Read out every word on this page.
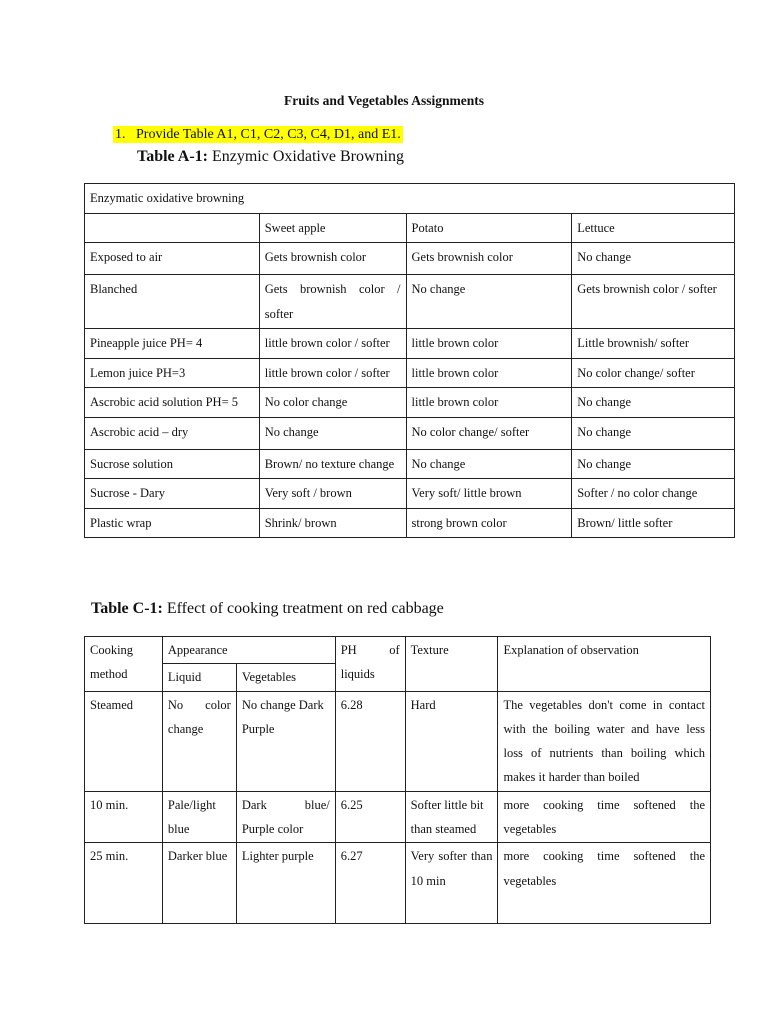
Fruits and Vegetables Assignments
1. Provide Table A1, C1, C2, C3, C4, D1, and E1.
Table A-1: Enzymic Oxidative Browning
Enzymatic oxidative browning			
	Sweet apple	Potato	Lettuce
Exposed to air	Gets brownish color	Gets brownish color	No change
Blanched	Gets brownish color / softer	No change	Gets brownish color / softer
Pineapple juice PH= 4	little brown color / softer	little brown color	Little brownish/ softer
Lemon juice PH=3	little brown color / softer	little brown color	No color change/ softer
Ascrobic acid solution PH= 5	No color change	little brown color	No change
Ascrobic acid – dry	No change	No color change/ softer	No change
Sucrose solution	Brown/ no texture change	No change	No change
Sucrose - Dary	Very soft / brown	Very soft/ little brown	Softer / no color change
Plastic wrap	Shrink/ brown	strong brown color	Brown/ little softer
Table C-1: Effect of cooking treatment on red cabbage
Cooking method	Appearance		PH of liquids	Texture	Explanation of observation
	Liquid	Vegetables			
Steamed	No color change	No change Dark Purple	6.28	Hard	The vegetables don't come in contact with the boiling water and have less loss of nutrients than boiling which makes it harder than boiled
10 min.	Pale/light blue	Dark blue/ Purple color	6.25	Softer little bit than steamed	more cooking time softened the vegetables
25 min.	Darker blue	Lighter purple	6.27	Very softer than 10 min	more cooking time softened the vegetables
